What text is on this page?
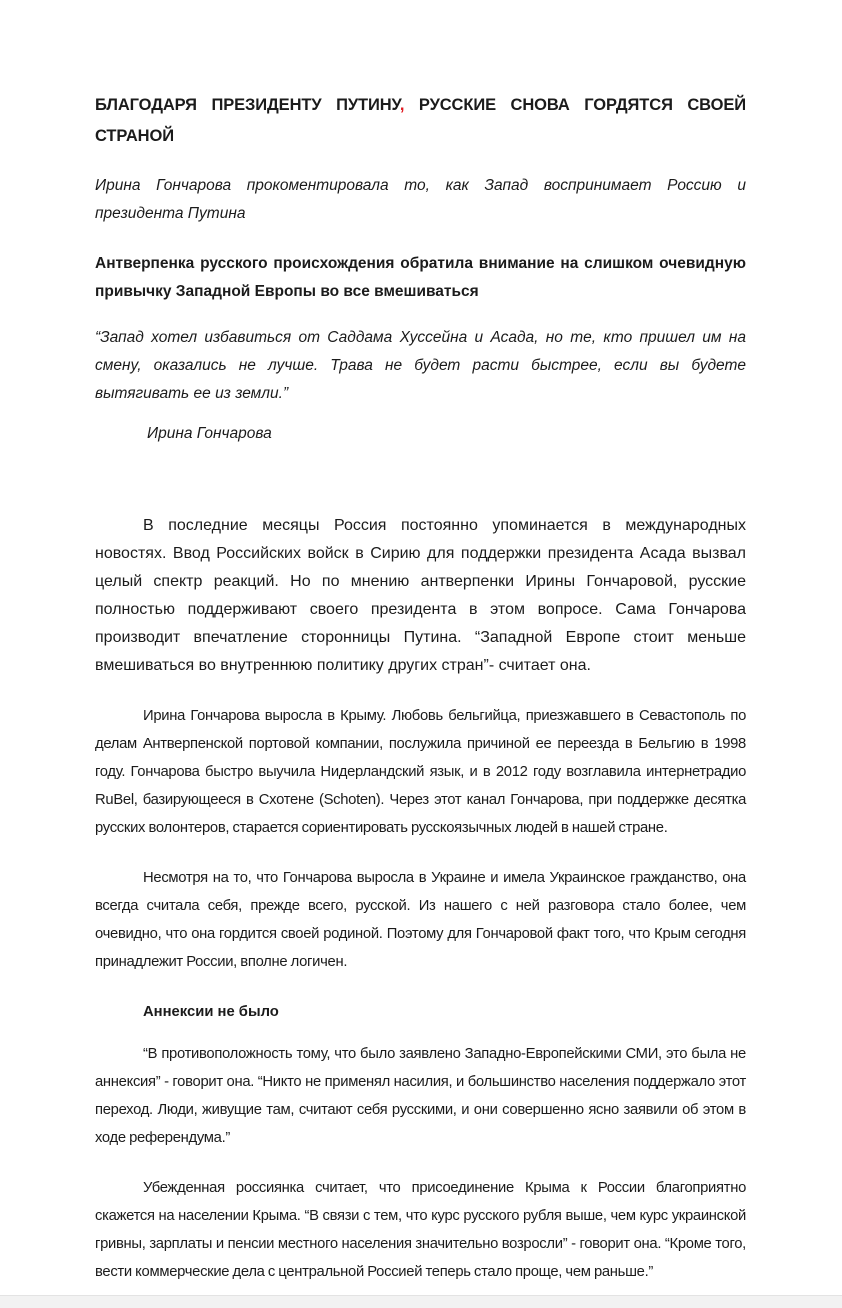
БЛАГОДАРЯ ПРЕЗИДЕНТУ ПУТИНУ, РУССКИЕ СНОВА ГОРДЯТСЯ СВОЕЙ СТРАНОЙ

Ирина Гончарова прокоментировала то, как Запад воспринимает Россию и президента Путина

Антверпенка русского происхождения обратила внимание на слишком очевидную привычку Западной Европы во все вмешиваться

“Запад хотел избавиться от Саддама Хуссейна и Асада, но те, кто пришел им на смену, оказались не лучше. Трава не будет расти быстрее, если вы будете вытягивать ее из земли.”

Ирина Гончарова

В последние месяцы Россия постоянно упоминается в международных новостях. Ввод Российских войск в Сирию для поддержки президента Асада вызвал целый спектр реакций. Но по мнению антверпенки Ирины Гончаровой, русские полностью поддерживают своего президента в этом вопросе. Сама Гончарова производит впечатление сторонницы Путина. “Западной Европе стоит меньше вмешиваться во внутреннюю политику других стран”- считает она.

Ирина Гончарова выросла в Крыму. Любовь бельгийца, приезжавшего в Севастополь по делам Антверпенской портовой компании, послужила причиной ее переезда в Бельгию в 1998 году. Гончарова быстро выучила Нидерландский язык, и в 2012 году возглавила интернетрадио RuBel, базирующееся в Схотене (Schoten). Через этот канал Гончарова, при поддержке десятка русских волонтеров, старается сориентировать русскоязычных людей в нашей стране.

Несмотря на то, что Гончарова выросла в Украине и имела Украинское гражданство, она всегда считала себя, прежде всего, русской. Из нашего с ней разговора стало более, чем очевидно, что она гордится своей родиной. Поэтому для Гончаровой факт того, что Крым сегодня принадлежит России, вполне логичен.

Аннексии не было

“В противоположность тому, что было заявлено Западно-Европейскими СМИ, это была не аннексия” - говорит она. “Никто не применял насилия, и большинство населения поддержало этот переход. Люди, живущие там, считают себя русскими, и они совершенно ясно заявили об этом в ходе референдума.”

Убежденная россиянка считает, что присоединение Крыма к России благоприятно скажется на населении Крыма. “В связи с тем, что курс русского рубля выше, чем курс украинской гривны, зарплаты и пенсии местного населения значительно возросли” - говорит она. “Кроме того, вести коммерческие дела с центральной Россией теперь стало проще, чем раньше.”
